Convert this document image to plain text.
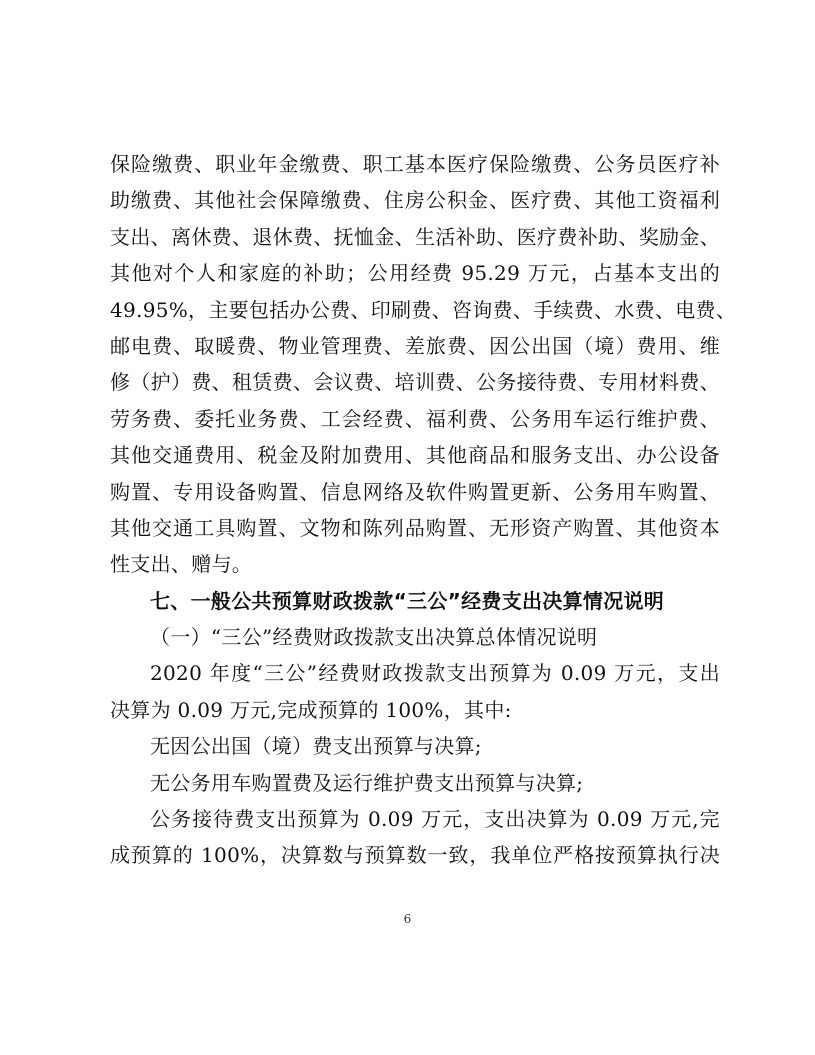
保险缴费、职业年金缴费、职工基本医疗保险缴费、公务员医疗补
助缴费、其他社会保障缴费、住房公积金、医疗费、其他工资福利
支出、离休费、退休费、抚恤金、生活补助、医疗费补助、奖励金、
其他对个人和家庭的补助；公用经费 95.29 万元，占基本支出的
49.95%，主要包括办公费、印刷费、咨询费、手续费、水费、电费、
邮电费、取暖费、物业管理费、差旅费、因公出国（境）费用、维
修（护）费、租赁费、会议费、培训费、公务接待费、专用材料费、
劳务费、委托业务费、工会经费、福利费、公务用车运行维护费、
其他交通费用、税金及附加费用、其他商品和服务支出、办公设备
购置、专用设备购置、信息网络及软件购置更新、公务用车购置、
其他交通工具购置、文物和陈列品购置、无形资产购置、其他资本
性支出、赠与。
七、一般公共预算财政拨款“三公”经费支出决算情况说明
（一）“三公”经费财政拨款支出决算总体情况说明
2020 年度“三公”经费财政拨款支出预算为 0.09 万元，支出
决算为 0.09 万元,完成预算的 100%，其中:
无因公出国（境）费支出预算与决算;
无公务用车购置费及运行维护费支出预算与决算;
公务接待费支出预算为 0.09 万元，支出决算为 0.09 万元,完
成预算的 100%，决算数与预算数一致，我单位严格按预算执行决
6
